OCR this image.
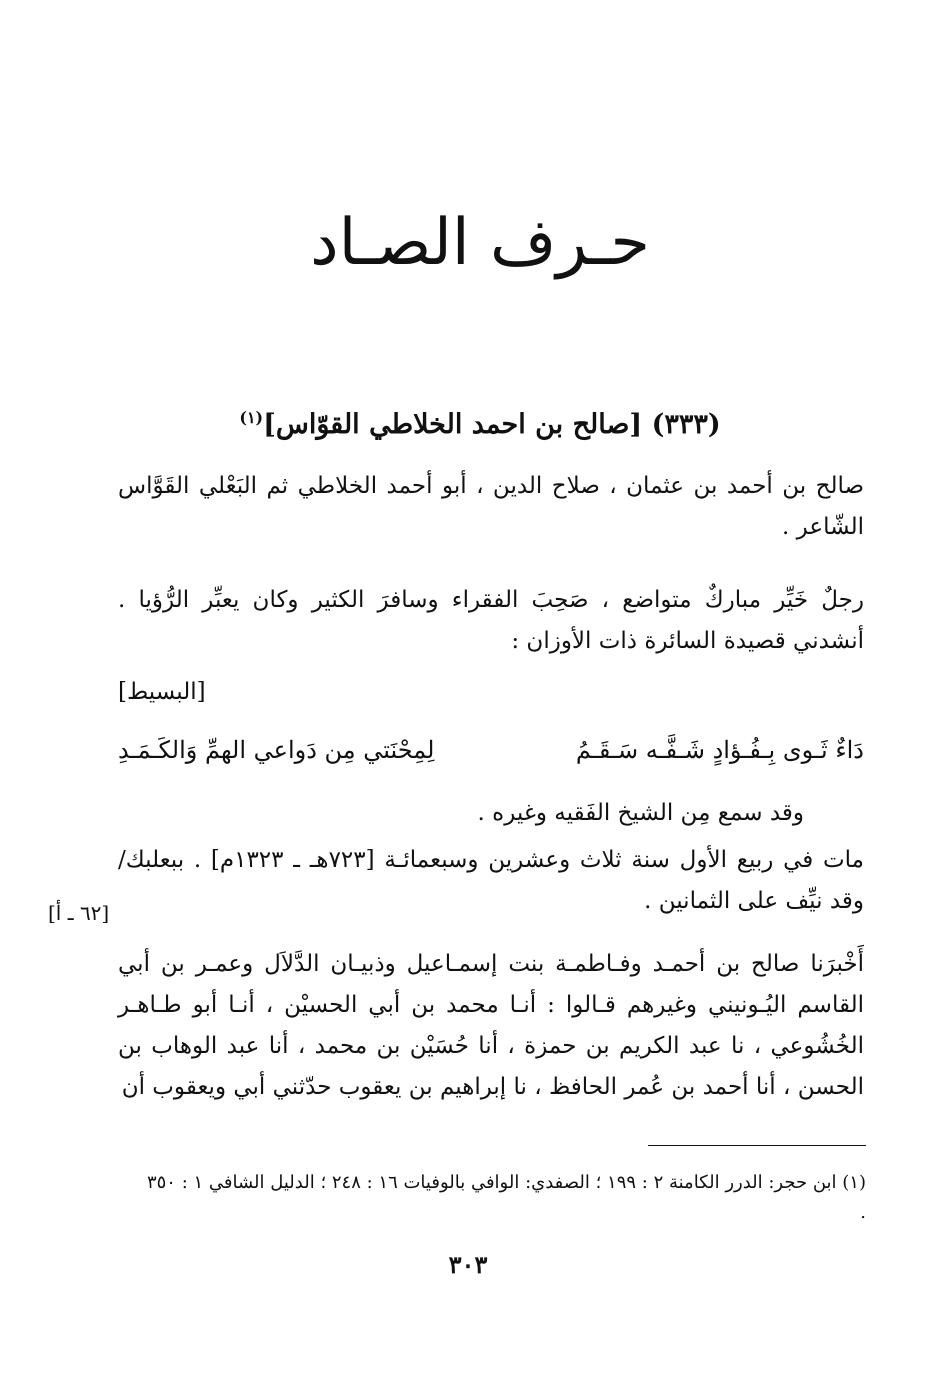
حـرف الصـاد
(٣٣٣) [صالح بن احمد الخلاطي القوّاس]$^{(١)}$
صالح بن أحمد بن عثمان ، صلاح الدين ، أبو أحمد الخلاطي ثم البَعْلي القَوَّاس الشّاعر .
رجلٌ خَيِّر مباركٌ متواضع ، صَحِبَ الفقراء وسافرَ الكثير وكان يعبِّر الرُّؤيا . أنشدني قصيدة السائرة ذات الأوزان :
[البسيط]
دَاءٌ ثَـوى بِـفُـؤادٍ شَـفَّـه سَـقَـمُ
لِمِحْنَتي مِن دَواعي الهمِّ وَالكَـمَـدِ
وقد سمع مِن الشيخ الفَقيه وغيره .
مات في ربيع الأول سنة ثلاث وعشرين وسبعمائـة [٧٢٣هـ ـ ١٣٢٣م] . ببعلبك/ وقد نيِّف على الثمانين .
[٦٢ ـ أ]
أَخْبرَنا صالح بن أحمـد وفـاطمـة بنت إسمـاعيل وذبيـان الدَّلاَل وعمـر بن أبي القاسم اليُـونيني وغيرهم قـالوا : أنـا محمد بن أبي الحسيْن ، أنـا أبو طـاهـر الخُشُوعي ، نا عبد الكريم بن حمزة ، أنا حُسَيْن بن محمد ، أنا عبد الوهاب بن الحسن ، أنا أحمد بن عُمر الحافظ ، نا إبراهيم بن يعقوب حدّثني أبي ويعقوب أن
(١) ابن حجر: الدرر الكامنة ٢ : ١٩٩ ؛ الصفدي: الوافي بالوفيات ١٦ : ٢٤٨ ؛ الدليل الشافي ١ : ٣٥٠ .
٣٠٣
